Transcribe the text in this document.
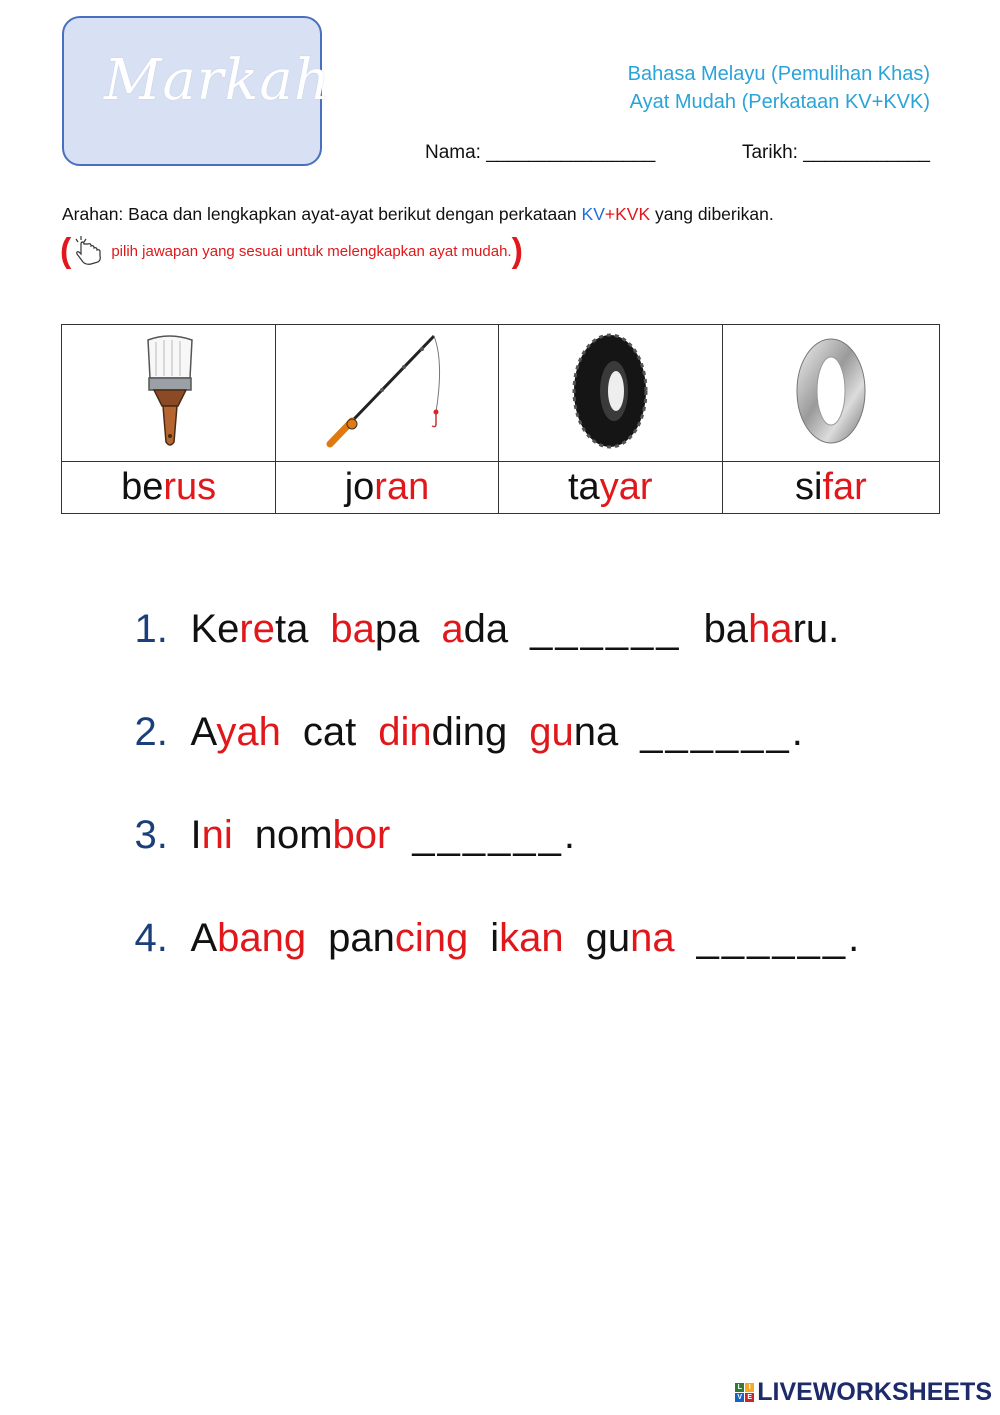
Markah	Bahasa Melayu (Pemulihan Khas)
Ayat Mudah (Perkataan KV+KVK)
Nama: ________________	Tarikh: ____________
Arahan: Baca dan lengkapkan ayat-ayat berikut dengan perkataan KV+KVK yang diberikan.
(	pilih jawapan yang sesuai untuk melengkapkan ayat mudah. )

berus	joran	tayar	sifar

1. Kereta bapa ada ______ baharu.

2. Ayah cat dinding guna ______.

3. Ini nombor ______.

4. Abang pancing ikan guna ______.

L I
V E LIVEWORKSHEETS
